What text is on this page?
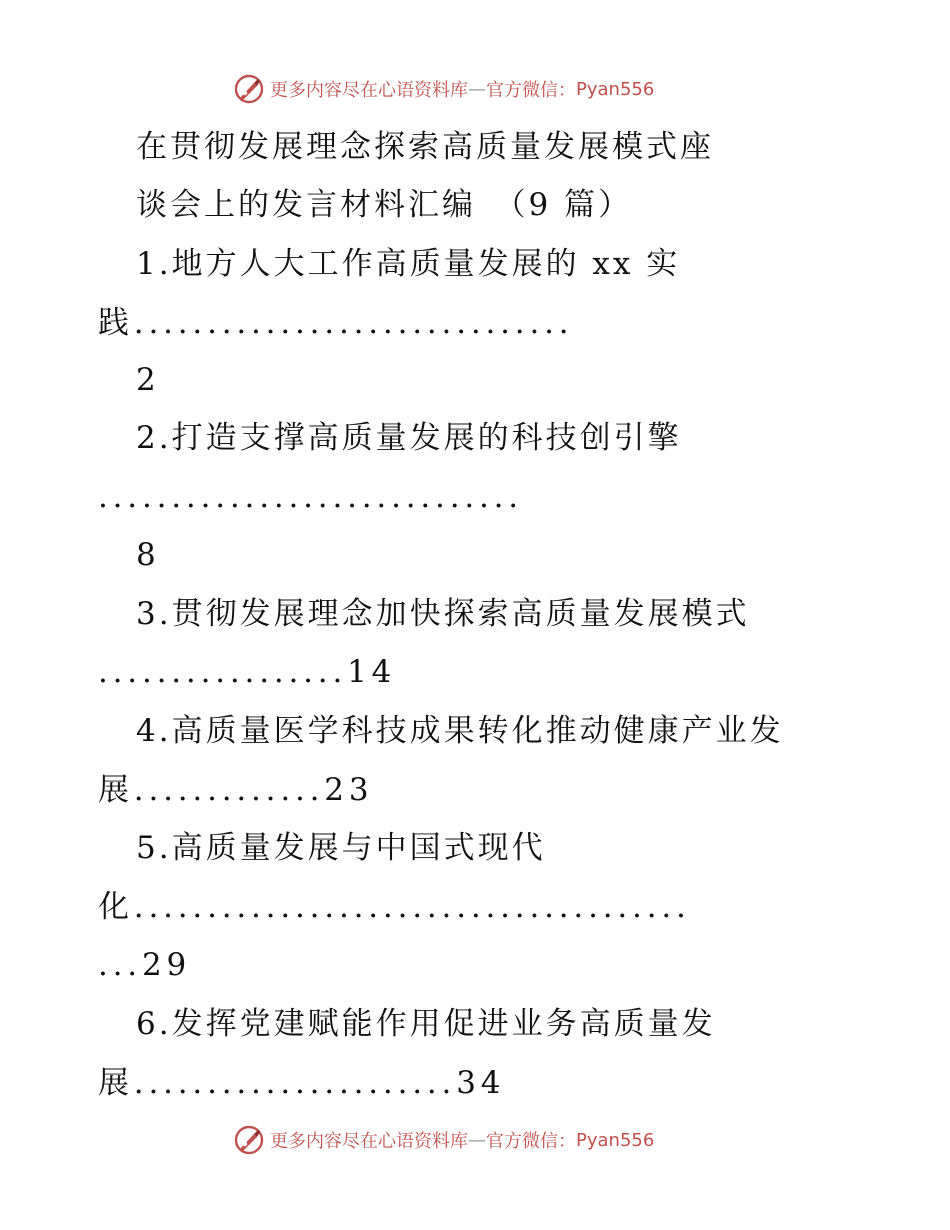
更多内容尽在心语资料库 — 官方微信： Pyan556
在贯彻发展理念探索高质量发展模式座
谈会上的发言材料汇编　（9 篇）
1.地方人大工作高质量发展的 xx 实
践..............................
2
2.打造支撑高质量发展的科技创引擎
.............................
8
3.贯彻发展理念加快探索高质量发展模式
.................14
4.高质量医学科技成果转化推动健康产业发
展.............23
5.高质量发展与中国式现代
化......................................
...29
6.发挥党建赋能作用促进业务高质量发
展......................34
更多内容尽在心语资料库 — 官方微信： Pyan556
